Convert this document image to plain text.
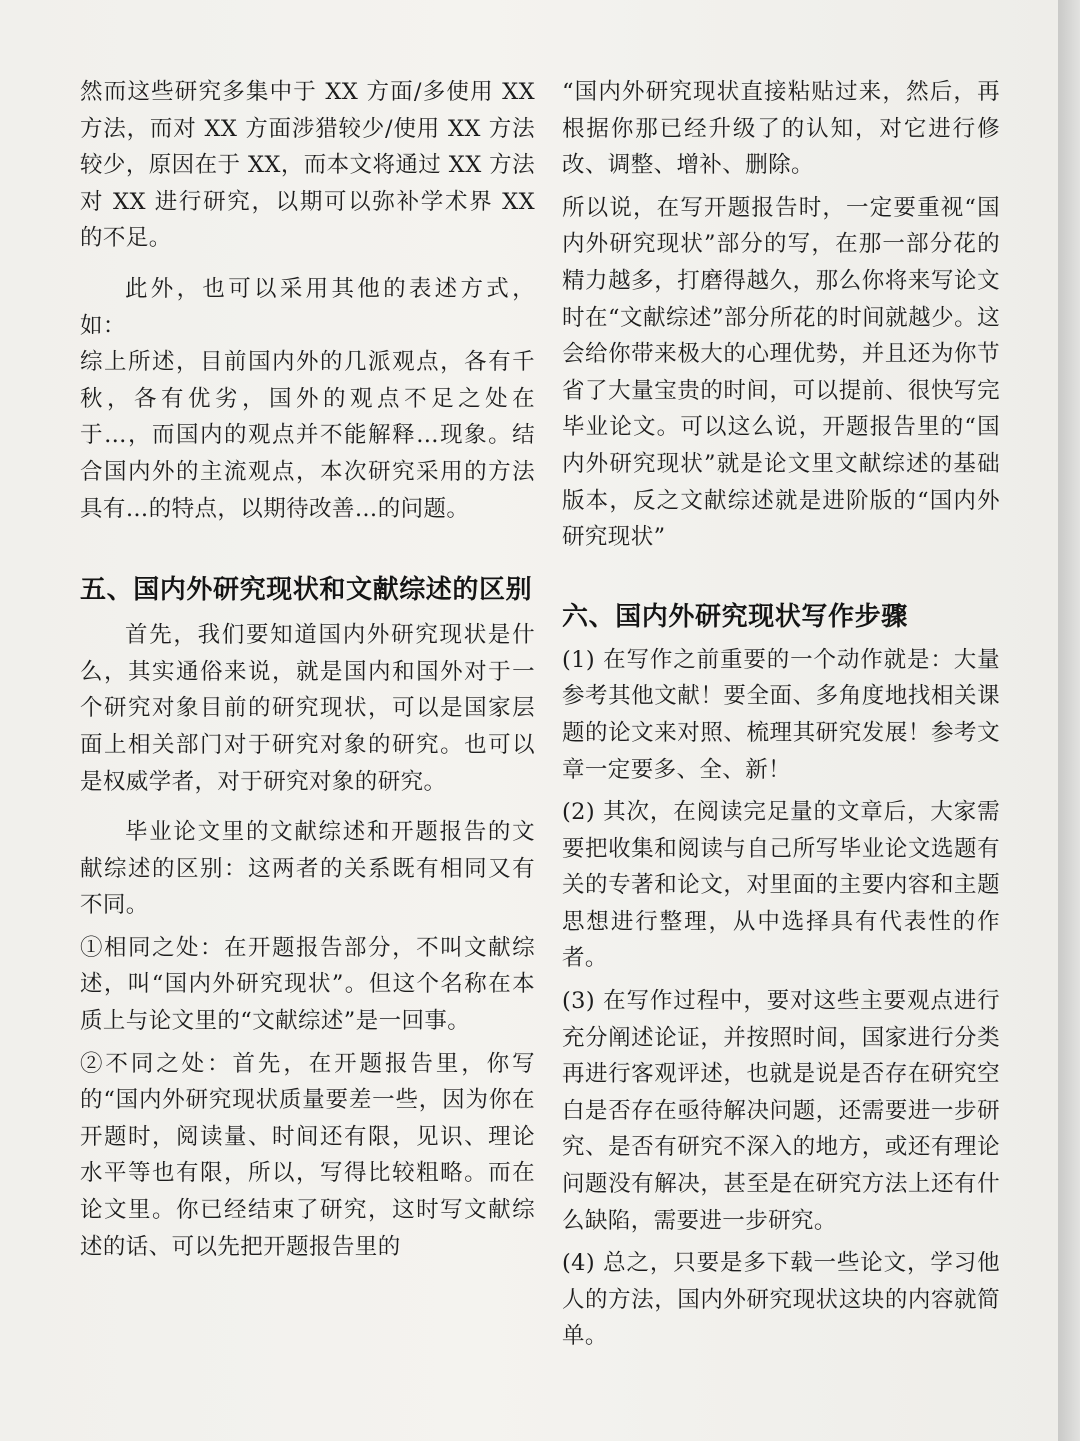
然而这些研究多集中于 XX 方面/多使用 XX 方法，而对 XX 方面涉猎较少/使用 XX 方法较少，原因在于 XX，而本文将通过 XX 方法对 XX 进行研究，以期可以弥补学术界 XX 的不足。

此外，也可以采用其他的表述方式，如：

综上所述，目前国内外的几派观点，各有千秋，各有优劣，国外的观点不足之处在于…，而国内的观点并不能解释…现象。结合国内外的主流观点，本次研究采用的方法具有…的特点，以期待改善…的问题。

五、国内外研究现状和文献综述的区别

首先，我们要知道国内外研究现状是什么，其实通俗来说，就是国内和国外对于一个研究对象目前的研究现状，可以是国家层面上相关部门对于研究对象的研究。也可以是权威学者，对于研究对象的研究。

毕业论文里的文献综述和开题报告的文献综述的区别：这两者的关系既有相同又有不同。

①相同之处：在开题报告部分，不叫文献综述，叫“国内外研究现状”。但这个名称在本质上与论文里的“文献综述”是一回事。

②不同之处：首先，在开题报告里，你写的“国内外研究现状质量要差一些，因为你在开题时，阅读量、时间还有限，见识、理论水平等也有限，所以，写得比较粗略。而在论文里。你已经结束了研究，这时写文献综述的话、可以先把开题报告里的

“国内外研究现状直接粘贴过来，然后，再根据你那已经升级了的认知，对它进行修改、调整、增补、删除。

所以说，在写开题报告时，一定要重视“国内外研究现状”部分的写，在那一部分花的精力越多，打磨得越久，那么你将来写论文时在“文献综述”部分所花的时间就越少。这会给你带来极大的心理优势，并且还为你节省了大量宝贵的时间，可以提前、很快写完毕业论文。可以这么说，开题报告里的“国内外研究现状”就是论文里文献综述的基础版本，反之文献综述就是进阶版的“国内外研究现状”

六、国内外研究现状写作步骤

(1) 在写作之前重要的一个动作就是：大量参考其他文献！要全面、多角度地找相关课题的论文来对照、梳理其研究发展！参考文章一定要多、全、新！

(2) 其次，在阅读完足量的文章后，大家需要把收集和阅读与自己所写毕业论文选题有关的专著和论文，对里面的主要内容和主题思想进行整理，从中选择具有代表性的作者。

(3) 在写作过程中，要对这些主要观点进行充分阐述论证，并按照时间，国家进行分类再进行客观评述，也就是说是否存在研究空白是否存在亟待解决问题，还需要进一步研究、是否有研究不深入的地方，或还有理论问题没有解决，甚至是在研究方法上还有什么缺陷，需要进一步研究。

(4) 总之，只要是多下载一些论文，学习他人的方法，国内外研究现状这块的内容就简单。
